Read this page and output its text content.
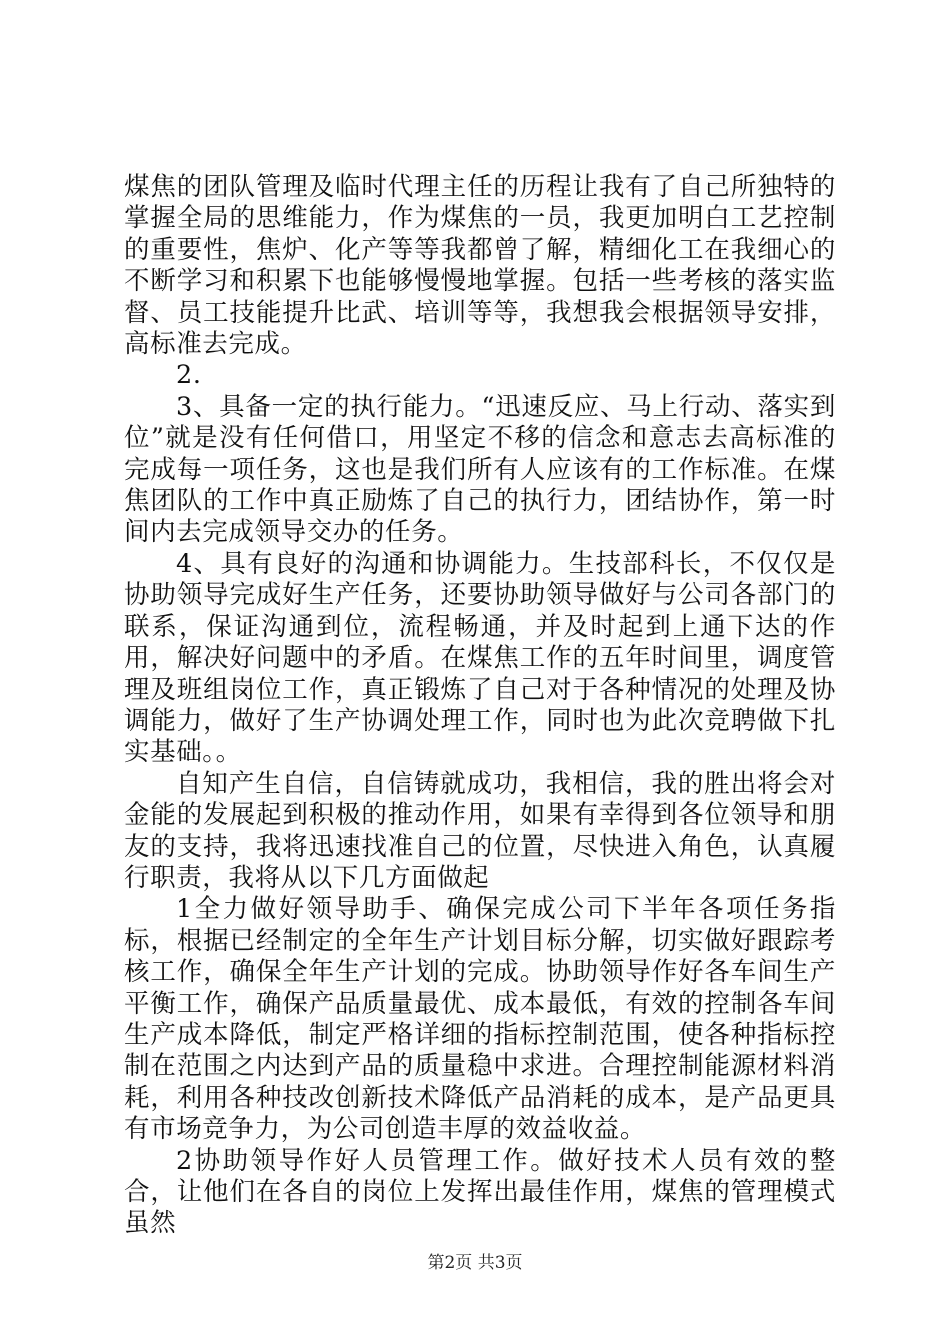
煤焦的团队管理及临时代理主任的历程让我有了自己所独特的掌握全局的思维能力，作为煤焦的一员，我更加明白工艺控制的重要性，焦炉、化产等等我都曾了解，精细化工在我细心的不断学习和积累下也能够慢慢地掌握。包括一些考核的落实监督、员工技能提升比武、培训等等，我想我会根据领导安排，高标准去完成。

2.

3、具备一定的执行能力。“迅速反应、马上行动、落实到位”就是没有任何借口，用坚定不移的信念和意志去高标准的完成每一项任务，这也是我们所有人应该有的工作标准。在煤焦团队的工作中真正励炼了自己的执行力，团结协作，第一时间内去完成领导交办的任务。

4、具有良好的沟通和协调能力。生技部科长，不仅仅是协助领导完成好生产任务，还要协助领导做好与公司各部门的联系，保证沟通到位，流程畅通，并及时起到上通下达的作用，解决好问题中的矛盾。在煤焦工作的五年时间里，调度管理及班组岗位工作，真正锻炼了自己对于各种情况的处理及协调能力，做好了生产协调处理工作，同时也为此次竞聘做下扎实基础。。

自知产生自信，自信铸就成功，我相信，我的胜出将会对金能的发展起到积极的推动作用，如果有幸得到各位领导和朋友的支持，我将迅速找准自己的位置，尽快进入角色，认真履行职责，我将从以下几方面做起

1全力做好领导助手、确保完成公司下半年各项任务指标，根据已经制定的全年生产计划目标分解，切实做好跟踪考核工作，确保全年生产计划的完成。协助领导作好各车间生产平衡工作，确保产品质量最优、成本最低，有效的控制各车间生产成本降低，制定严格详细的指标控制范围，使各种指标控制在范围之内达到产品的质量稳中求进。合理控制能源材料消耗，利用各种技改创新技术降低产品消耗的成本，是产品更具有市场竞争力，为公司创造丰厚的效益收益。

2协助领导作好人员管理工作。做好技术人员有效的整合，让他们在各自的岗位上发挥出最佳作用，煤焦的管理模式虽然

第2页 共3页
